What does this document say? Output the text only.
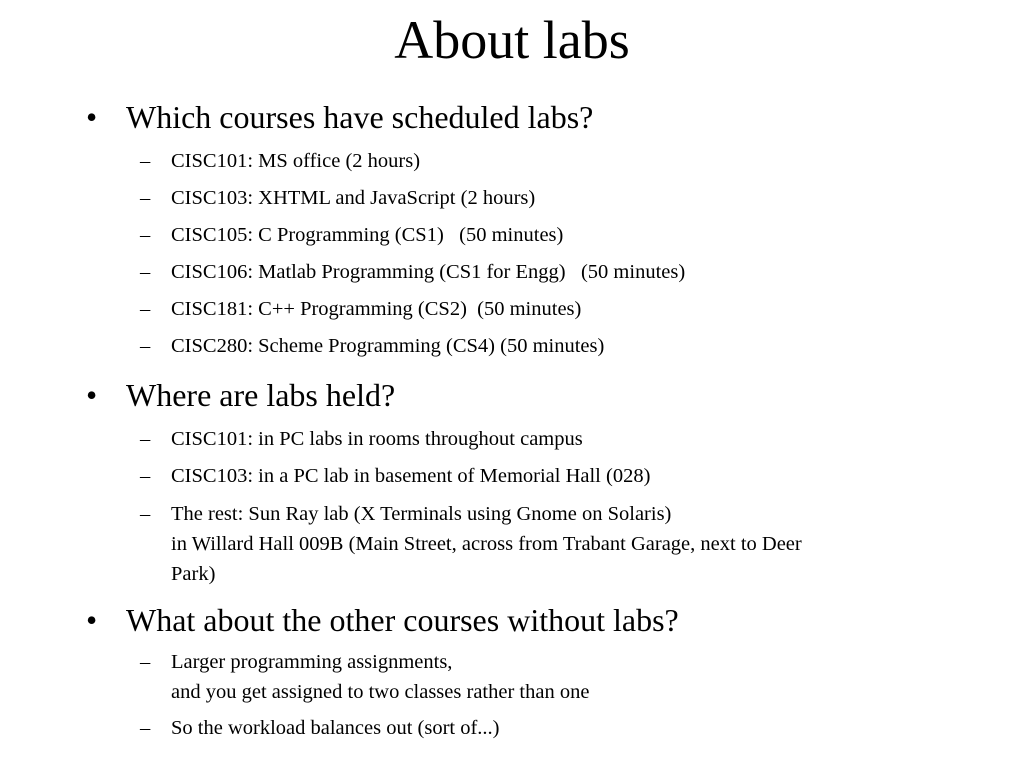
About labs
• Which courses have scheduled labs?
– CISC101: MS office (2 hours)
– CISC103: XHTML and JavaScript (2 hours)
– CISC105: C Programming (CS1)   (50 minutes)
– CISC106: Matlab Programming (CS1 for Engg)   (50 minutes)
– CISC181: C++ Programming (CS2)  (50 minutes)
– CISC280: Scheme Programming (CS4) (50 minutes)
• Where are labs held?
– CISC101: in PC labs in rooms throughout campus
– CISC103: in a PC lab in basement of Memorial Hall (028)
– The rest: Sun Ray lab (X Terminals using Gnome on Solaris)
in Willard Hall 009B (Main Street, across from Trabant Garage, next to Deer
Park)
• What about the other courses without labs?
– Larger programming assignments,
and you get assigned to two classes rather than one
– So the workload balances out (sort of...)
